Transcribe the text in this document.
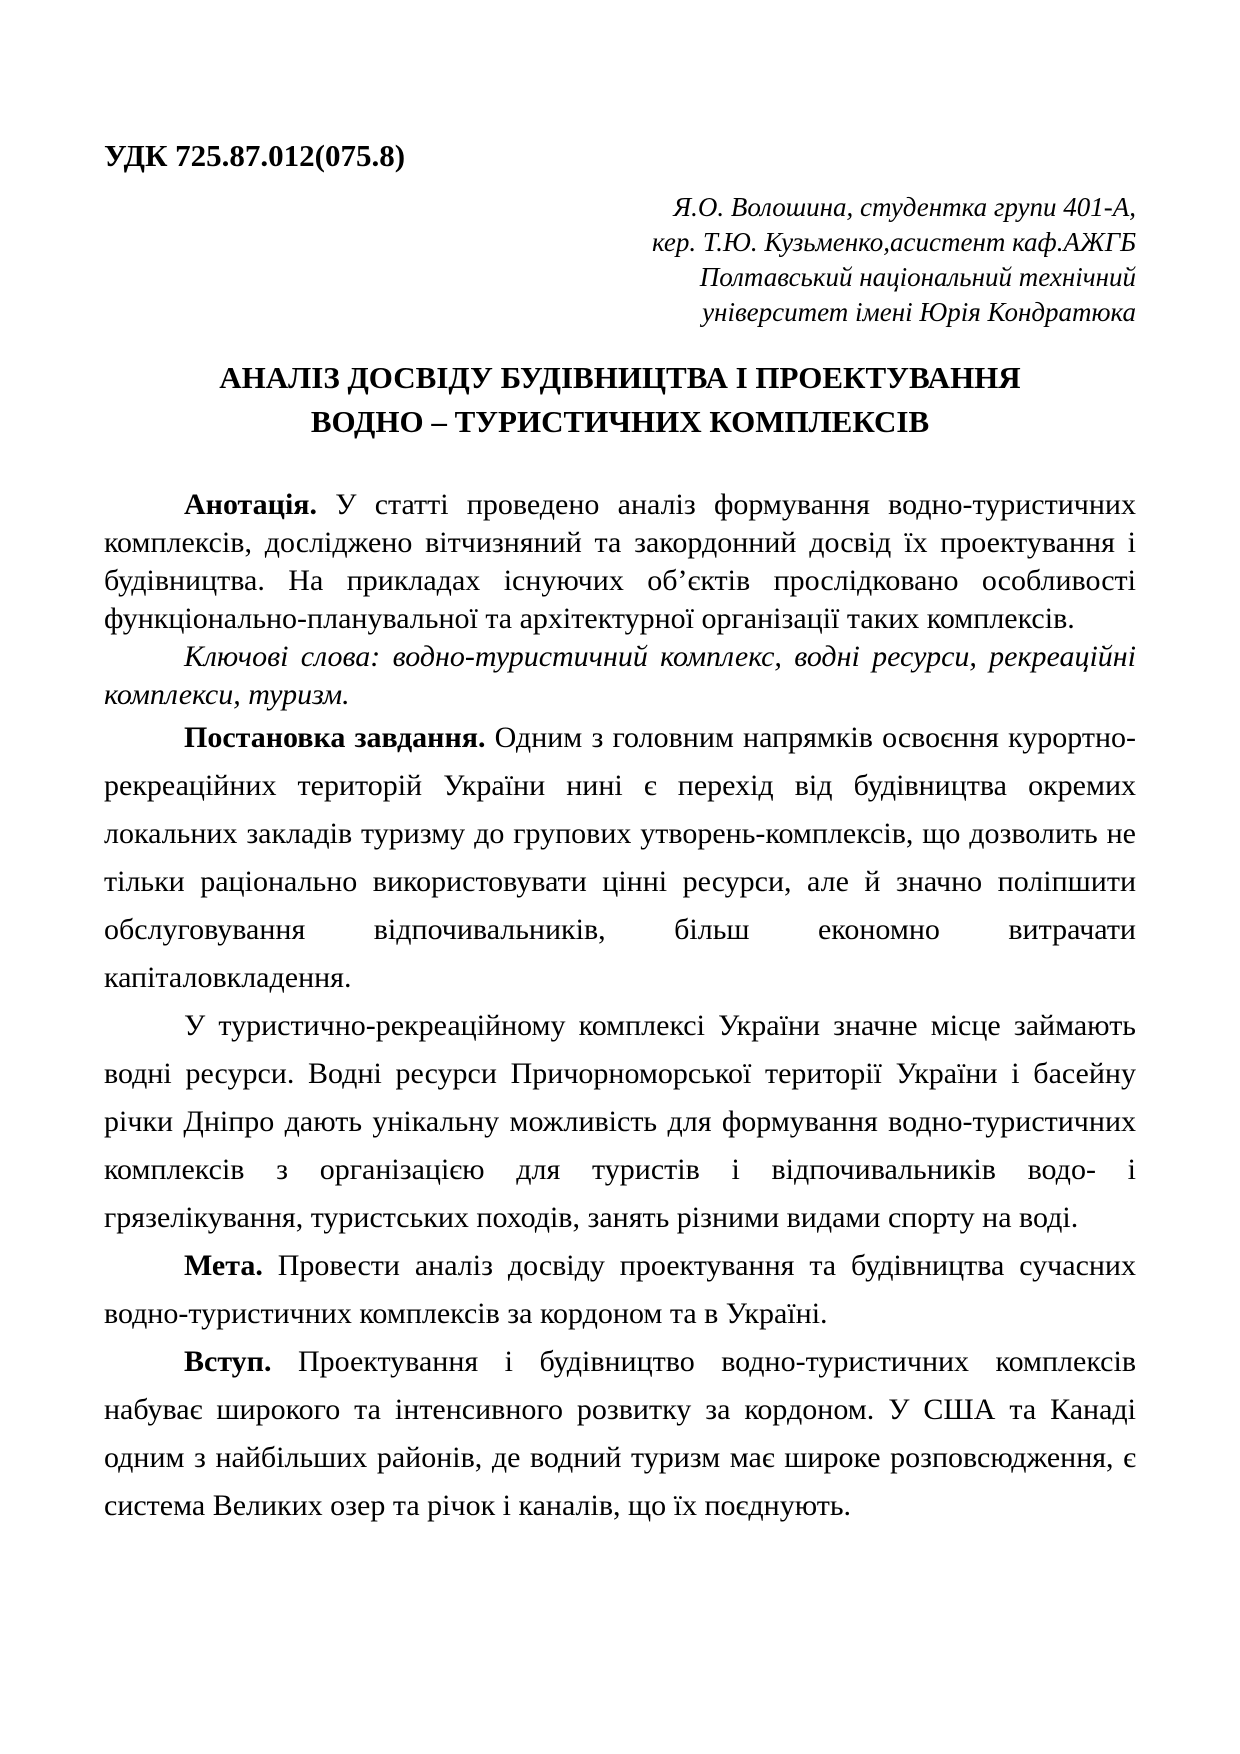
УДК 725.87.012(075.8)

Я.О. Волошина, студентка групи 401-А,

кер. Т.Ю. Кузьменко,асистент каф.АЖГБ

Полтавський національний технічний

університет імені Юрія Кондратюка

АНАЛІЗ ДОСВІДУ БУДІВНИЦТВА І ПРОЕКТУВАННЯ
ВОДНО – ТУРИСТИЧНИХ КОМПЛЕКСІВ

Анотація. У статті проведено аналіз формування водно-туристичних комплексів, досліджено вітчизняний та закордонний досвід їх проектування і будівництва. На прикладах існуючих об’єктів прослідковано особливості функціонально-планувальної та архітектурної організації таких комплексів.

Ключові слова: водно-туристичний комплекс, водні ресурси, рекреаційні комплекси, туризм.

Постановка завдання. Одним з головним напрямків освоєння курортно-рекреаційних територій України нині є перехід від будівництва окремих локальних закладів туризму до групових утворень-комплексів, що дозволить не тільки раціонально використовувати цінні ресурси, але й значно поліпшити обслуговування відпочивальників, більш економно витрачати капіталовкладення.

У туристично-рекреаційному комплексі України значне місце займають водні ресурси. Водні ресурси Причорноморської території України і басейну річки Дніпро дають унікальну можливість для формування водно-туристичних комплексів з організацією для туристів і відпочивальників водо- і грязелікування, туристських походів, занять різними видами спорту на воді.

Мета. Провести аналіз досвіду проектування та будівництва сучасних водно-туристичних комплексів за кордоном та в Україні.

Вступ. Проектування і будівництво водно-туристичних комплексів набуває широкого та інтенсивного розвитку за кордоном. У США та Канаді одним з найбільших районів, де водний туризм має широке розповсюдження, є система Великих озер та річок і каналів, що їх поєднують.
